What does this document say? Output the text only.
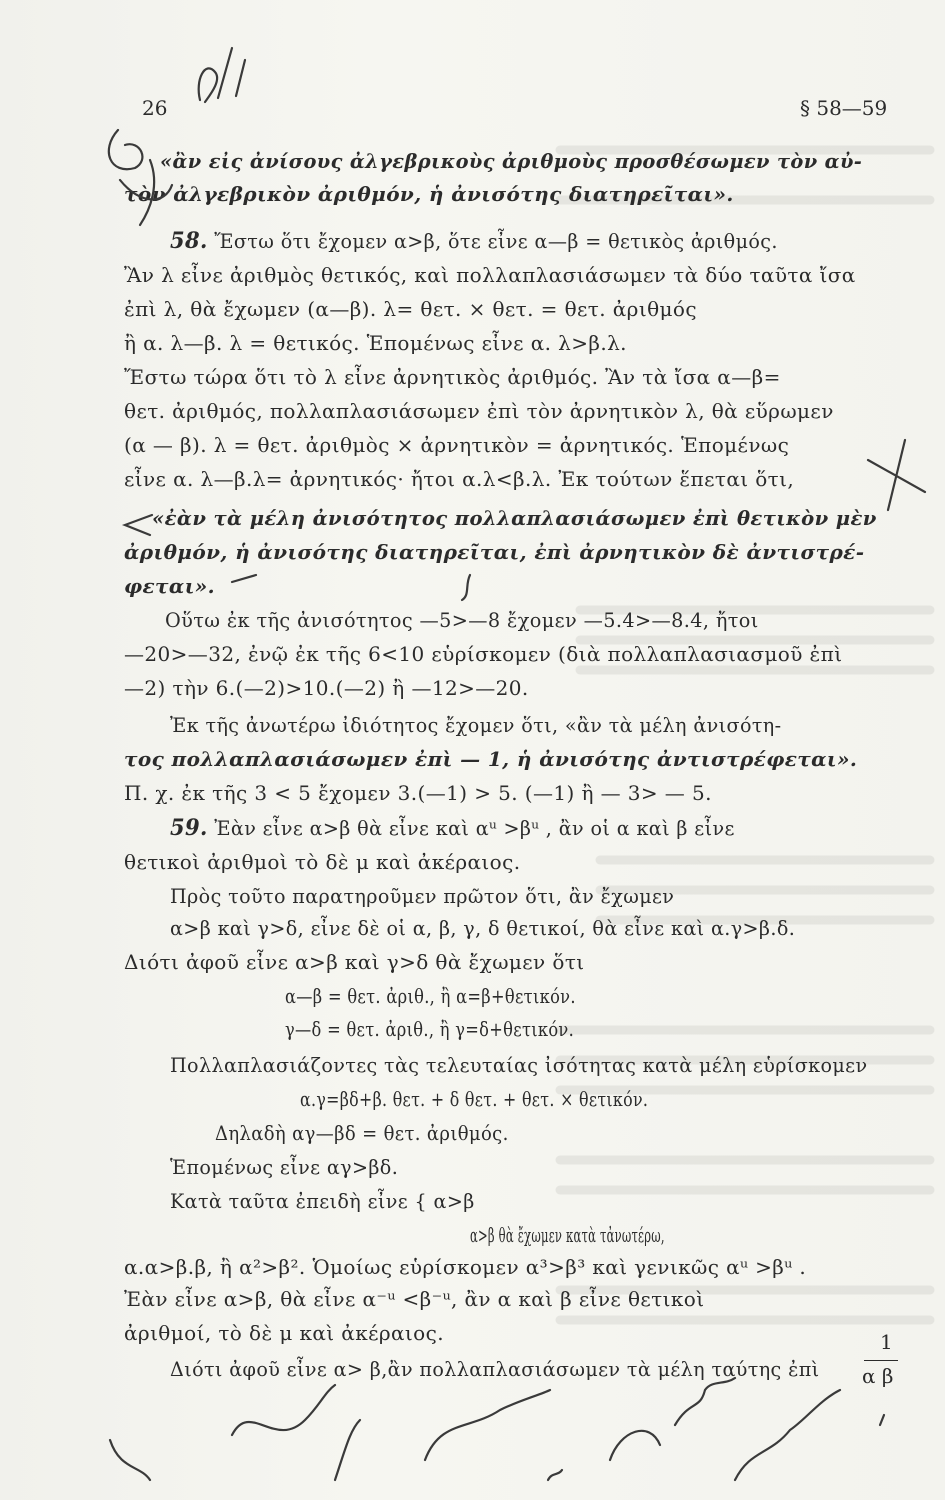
26	§ 58—59
«ἂν εἰς ἀνίσους ἀλγεβρικοὺς ἀριθμοὺς προσθέσωμεν τὸν αὐ-
τὸν ἀλγεβρικὸν ἀριθμόν, ἡ ἀνισότης διατηρεῖται».
58. Ἔστω ὅτι ἔχομεν α>β, ὅτε εἶνε α—β = θετικὸς ἀριθμός.
Ἂν λ εἶνε ἀριθμὸς θετικός, καὶ πολλαπλασιάσωμεν τὰ δύο ταῦτα ἴσα
ἐπὶ λ, θὰ ἔχωμεν (α—β). λ= θετ. × θετ. = θετ. ἀριθμός
ἢ α. λ—β. λ = θετικός. Ἑπομένως εἶνε α. λ>β.λ.
Ἔστω τώρα ὅτι τὸ λ εἶνε ἀρνητικὸς ἀριθμός. Ἂν τὰ ἴσα α—β=
θετ. ἀριθμός, πολλαπλασιάσωμεν ἐπὶ τὸν ἀρνητικὸν λ, θὰ εὕρωμεν
(α — β). λ = θετ. ἀριθμὸς × ἀρνητικὸν = ἀρνητικός. Ἑπομένως
εἶνε α. λ—β.λ= ἀρνητικός· ἤτοι α.λ<β.λ. Ἐκ τούτων ἕπεται ὅτι,
«ἐὰν τὰ μέλη ἀνισότητος πολλαπλασιάσωμεν ἐπὶ θετικὸν μὲν
ἀριθμόν, ἡ ἀνισότης διατηρεῖται, ἐπὶ ἀρνητικὸν δὲ ἀντιστρέ-
φεται».
Οὕτω ἐκ τῆς ἀνισότητος —5>—8 ἔχομεν —5.4>—8.4, ἤτοι
—20>—32, ἐνῷ ἐκ τῆς 6<10 εὑρίσκομεν (διὰ πολλαπλασιασμοῦ ἐπὶ
—2) τὴν 6.(—2)>10.(—2) ἢ —12>—20.
Ἐκ τῆς ἀνωτέρω ἰδιότητος ἔχομεν ὅτι, «ἂν τὰ μέλη ἀνισότη-
τος πολλαπλασιάσωμεν ἐπὶ — 1, ἡ ἀνισότης ἀντιστρέφεται».
Π. χ. ἐκ τῆς 3 < 5 ἔχομεν 3.(—1) > 5. (—1) ἢ — 3> — 5.
59. Ἐὰν εἶνε α>β θὰ εἶνε καὶ αᵘ >βᵘ , ἂν οἱ α καὶ β εἶνε
θετικοὶ ἀριθμοὶ τὸ δὲ μ καὶ ἀκέραιος.
Πρὸς τοῦτο παρατηροῦμεν πρῶτον ὅτι, ἂν ἔχωμεν
α>β καὶ γ>δ, εἶνε δὲ οἱ α, β, γ, δ θετικοί, θὰ εἶνε καὶ α.γ>β.δ.
Διότι ἀφοῦ εἶνε α>β καὶ γ>δ θὰ ἔχωμεν ὅτι
α—β = θετ. ἀριθ., ἢ α=β+θετικόν.
γ—δ = θετ. ἀριθ., ἢ γ=δ+θετικόν.
Πολλαπλασιάζοντες τὰς τελευταίας ἰσότητας κατὰ μέλη εὑρίσκομεν
α.γ=βδ+β. θετ. + δ θετ. + θετ. × θετικόν.
Δηλαδὴ αγ—βδ = θετ. ἀριθμός.
Ἑπομένως εἶνε αγ>βδ.
Κατὰ ταῦτα ἐπειδὴ εἶνε { α>β
α>β θὰ ἔχωμεν κατὰ τἀνωτέρω,
α.α>β.β, ἢ α²>β². Ὁμοίως εὑρίσκομεν α³>β³ καὶ γενικῶς αᵘ >βᵘ .
Ἐὰν εἶνε α>β, θὰ εἶνε α⁻ᵘ <β⁻ᵘ, ἂν α καὶ β εἶνε θετικοὶ
ἀριθμοί, τὸ δὲ μ καὶ ἀκέραιος.
Διότι ἀφοῦ εἶνε α> β,ἂν πολλαπλασιάσωμεν τὰ μέλη ταύτης ἐπὶ
1
α β
